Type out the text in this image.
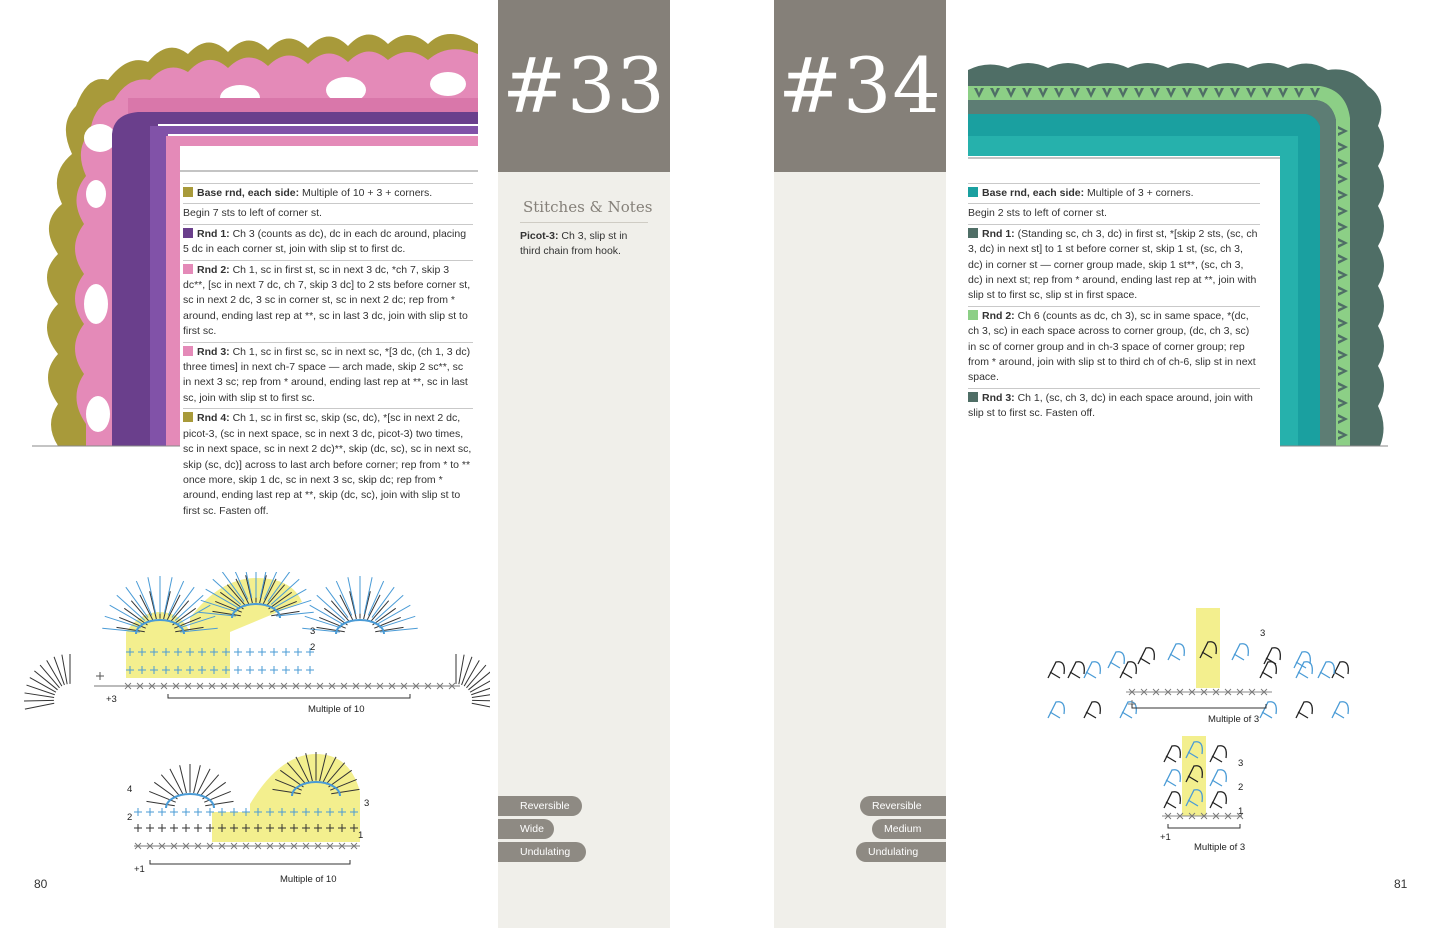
Base rnd, each side: Multiple of 10 + 3 + corners.
Begin 7 sts to left of corner st.
Rnd 1: Ch 3 (counts as dc), dc in each dc around, placing 5 dc in each corner st, join with slip st to first dc.
Rnd 2: Ch 1, sc in first st, sc in next 3 dc, *ch 7, skip 3 dc**, [sc in next 7 dc, ch 7, skip 3 dc] to 2 sts before corner st, sc in next 2 dc, 3 sc in corner st, sc in next 2 dc; rep from * around, ending last rep at **, sc in last 3 dc, join with slip st to first sc.
Rnd 3: Ch 1, sc in first sc, sc in next sc, *[3 dc, (ch 1, 3 dc) three times] in next ch-7 space — arch made, skip 2 sc**, sc in next 3 sc; rep from * around, ending last rep at **, sc in last sc, join with slip st to first sc.
Rnd 4: Ch 1, sc in first sc, skip (sc, dc), *[sc in next 2 dc, picot-3, (sc in next space, sc in next 3 dc, picot-3) two times, sc in next space, sc in next 2 dc)**, skip (dc, sc), sc in next sc, skip (sc, dc)] across to last arch before corner; rep from * to ** once more, skip 1 dc, sc in next 3 sc, skip dc; rep from * around, ending last rep at **, skip (dc, sc), join with slip st to first sc. Fasten off.
Multiple of 10
+3
3
2
4
2
3
1
+1
Multiple of 10
80
#33
Stitches & Notes
Picot-3: Ch 3, slip st in third chain from hook.
Reversible
Wide
Undulating
#34
Reversible
Medium
Undulating
Base rnd, each side: Multiple of 3 + corners.
Begin 2 sts to left of corner st.
Rnd 1: (Standing sc, ch 3, dc) in first st, *[skip 2 sts, (sc, ch 3, dc) in next st] to 1 st before corner st, skip 1 st, (sc, ch 3, dc) in corner st — corner group made, skip 1 st**, (sc, ch 3, dc) in next st; rep from * around, ending last rep at **, join with slip st to first sc, slip st in first space.
Rnd 2: Ch 6 (counts as dc, ch 3), sc in same space, *(dc, ch 3, sc) in each space across to corner group, (dc, ch 3, sc) in sc of corner group and in ch-3 space of corner group; rep from * around, join with slip st to third ch of ch-6, slip st in next space.
Rnd 3: Ch 1, (sc, ch 3, dc) in each space around, join with slip st to first sc. Fasten off.
Multiple of 3
3
3
2
1
+1
Multiple of 3
81
